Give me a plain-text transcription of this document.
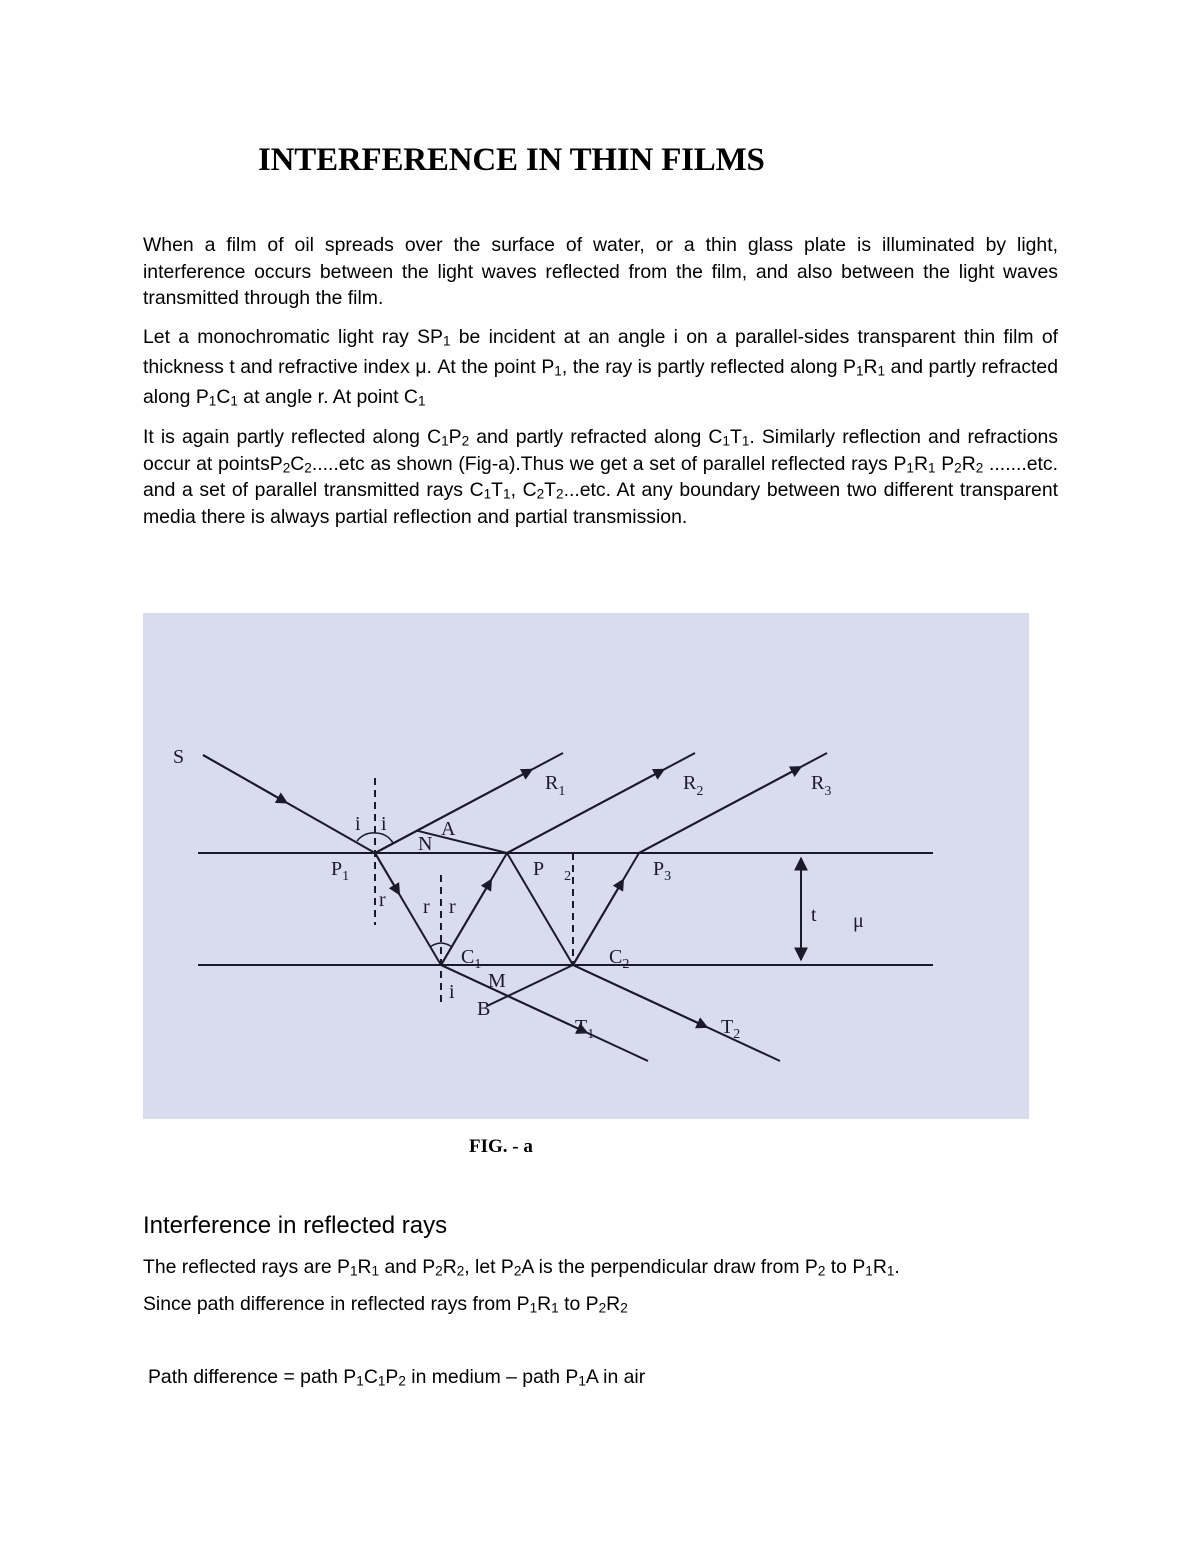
INTERFERENCE IN THIN FILMS

When a film of oil spreads over the surface of water, or a thin glass plate is illuminated by light, interference occurs between the light waves reflected from the film, and also between the light waves transmitted through the film.

Let a monochromatic light ray $SP_1$ be incident at an angle i on a parallel-sides transparent thin film of thickness t and refractive index μ. At the point $P_1$, the ray is partly reflected along $P_1R_1$ and partly refracted along $P_1C_1$ at angle r. At point $C_1$

It is again partly reflected along $C_1P_2$ and partly refracted along $C_1T_1$. Similarly reflection and refractions occur at $pointsP_2C_2.....etc$ as shown (Fig-a).Thus we get a set of parallel reflected rays $P_1R_1$ $P_2R_2$ .......etc. and a set of parallel transmitted rays $C_1T_1$, $C_2T_2...etc$. At any boundary between two different transparent media there is always partial reflection and partial transmission.

S
$R_1$	$R_2$	$R_3$
i i	A
N
$P_1$	P $_2$	$P_3$
r r r	t μ
$C_1$	$C_2$
M
i
B
$T_1$	$T_2$

FIG. - a

Interference in reflected rays

The reflected rays are $P_1R_1$ and $P_2R_2$, let $P_2A$ is the perpendicular draw from $P_2$ to $P_1R_1$.

Since path difference in reflected rays from $P_1R_1$ to $P_2R_2$

Path difference = path $P_1C_1P_2$ in medium – path $P_1A$ in air
